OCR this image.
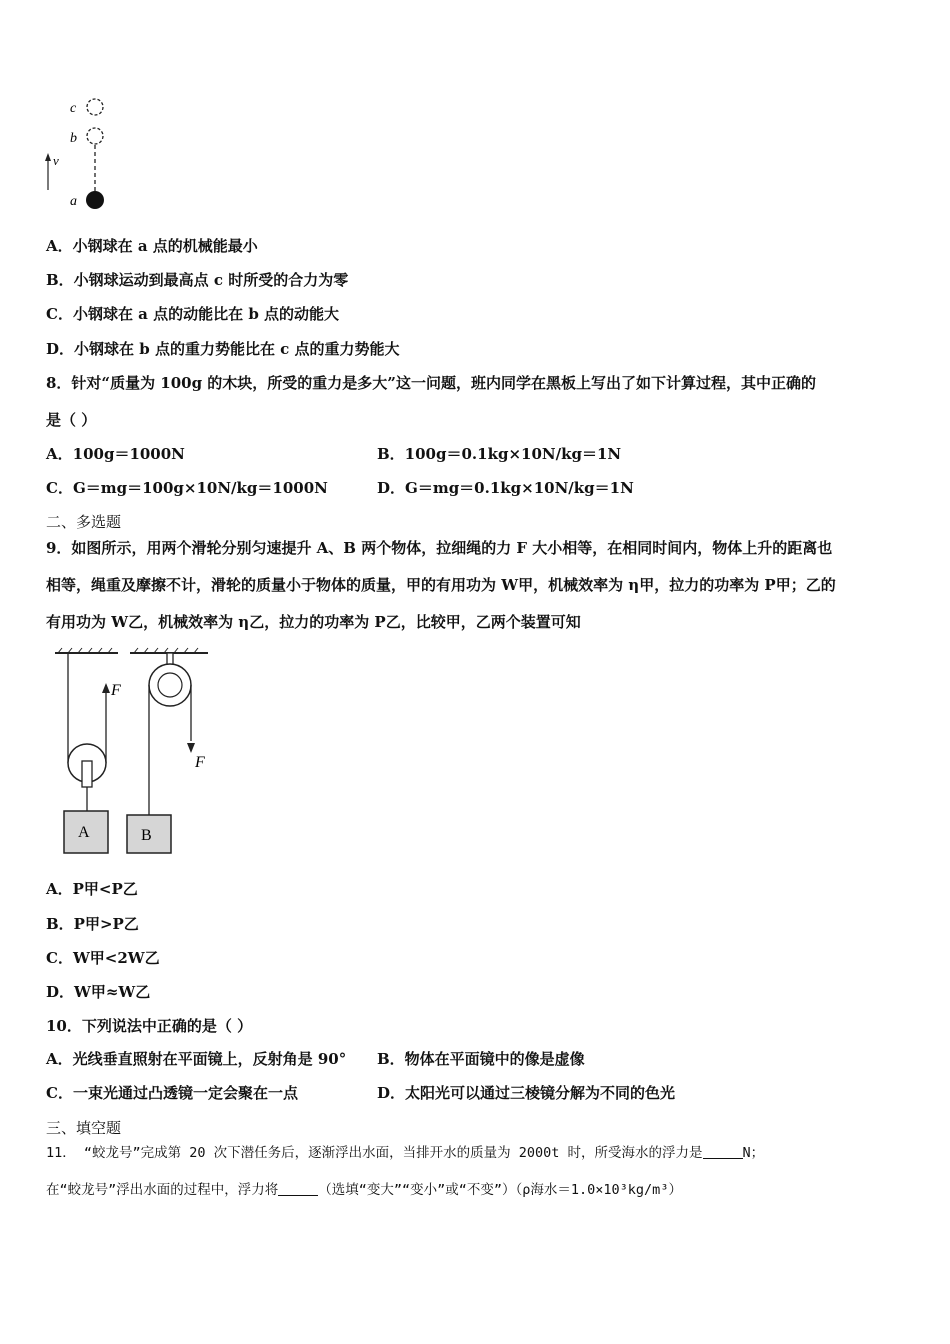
c
b
v
a
A．小钢球在 a 点的机械能最小
B．小钢球运动到最高点 c 时所受的合力为零
C．小钢球在 a 点的动能比在 b 点的动能大
D．小钢球在 b 点的重力势能比在 c 点的重力势能大
8．针对“质量为 100g 的木块，所受的重力是多大”这一问题，班内同学在黑板上写出了如下计算过程，其中正确的
是（ ）
A．100g＝1000N	B．100g＝0.1kg×10N/kg＝1N
C．G＝mg＝100g×10N/kg＝1000N	D．G＝mg＝0.1kg×10N/kg＝1N
二、多选题
9．如图所示，用两个滑轮分别匀速提升 A、B 两个物体，拉细绳的力 F 大小相等，在相同时间内，物体上升的距离也
相等，绳重及摩擦不计，滑轮的质量小于物体的质量，甲的有用功为 W甲，机械效率为 η甲，拉力的功率为 P甲；乙的
有用功为 W乙，机械效率为 η乙，拉力的功率为 P乙，比较甲，乙两个装置可知
F
A
F
B
A．P甲<P乙
B．P甲>P乙
C．W甲<2W乙
D．W甲≈W乙
10．下列说法中正确的是（ ）
A．光线垂直照射在平面镜上，反射角是 90° B．物体在平面镜中的像是虚像
C．一束光通过凸透镜一定会聚在一点	D．太阳光可以通过三棱镜分解为不同的色光
三、填空题
11． “蛟龙号”完成第 20 次下潜任务后，逐渐浮出水面，当排开水的质量为 2000t 时，所受海水的浮力是	N；
在“蛟龙号”浮出水面的过程中，浮力将	（选填“变大”“变小”或“不变”）（ρ海水＝1.0×10³kg/m³）
